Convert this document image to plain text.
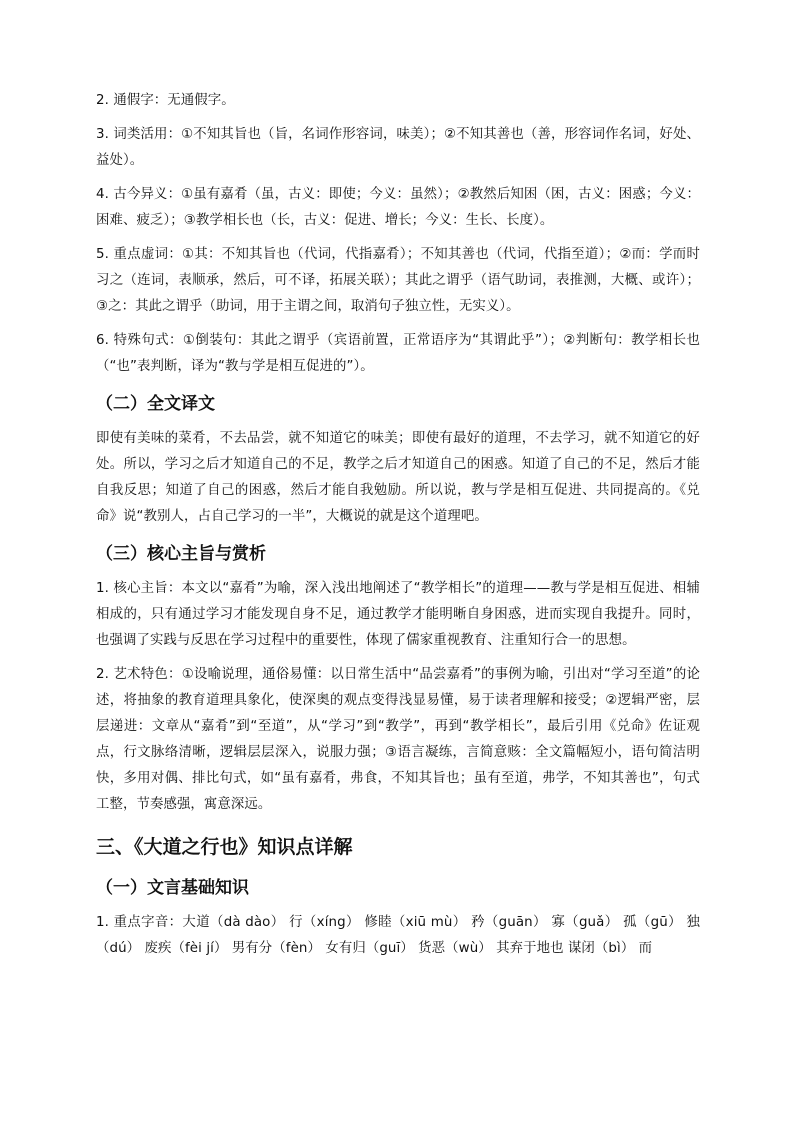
2. 通假字：无通假字。

3. 词类活用：①不知其旨也（旨，名词作形容词，味美）；②不知其善也（善，形容词作名词，好处、益处）。

4. 古今异义：①虽有嘉肴（虽，古义：即使；今义：虽然）；②教然后知困（困，古义：困惑；今义：困难、疲乏）；③教学相长也（长，古义：促进、增长；今义：生长、长度）。

5. 重点虚词：①其：不知其旨也（代词，代指嘉肴）；不知其善也（代词，代指至道）；②而：学而时习之（连词，表顺承，然后，可不译，拓展关联）；其此之谓乎（语气助词，表推测，大概、或许）；③之：其此之谓乎（助词，用于主谓之间，取消句子独立性，无实义）。

6. 特殊句式：①倒装句：其此之谓乎（宾语前置，正常语序为“其谓此乎”）；②判断句：教学相长也（“也”表判断，译为“教与学是相互促进的”）。

（二）全文译文

即使有美味的菜肴，不去品尝，就不知道它的味美；即使有最好的道理，不去学习，就不知道它的好处。所以，学习之后才知道自己的不足，教学之后才知道自己的困惑。知道了自己的不足，然后才能自我反思；知道了自己的困惑，然后才能自我勉励。所以说，教与学是相互促进、共同提高的。《兑命》说“教别人，占自己学习的一半”，大概说的就是这个道理吧。

（三）核心主旨与赏析

1. 核心主旨：本文以“嘉肴”为喻，深入浅出地阐述了“教学相长”的道理——教与学是相互促进、相辅相成的，只有通过学习才能发现自身不足，通过教学才能明晰自身困惑，进而实现自我提升。同时，也强调了实践与反思在学习过程中的重要性，体现了儒家重视教育、注重知行合一的思想。

2. 艺术特色：①设喻说理，通俗易懂：以日常生活中“品尝嘉肴”的事例为喻，引出对“学习至道”的论述，将抽象的教育道理具象化，使深奥的观点变得浅显易懂，易于读者理解和接受；②逻辑严密，层层递进：文章从“嘉肴”到“至道”，从“学习”到“教学”，再到“教学相长”，最后引用《兑命》佐证观点，行文脉络清晰，逻辑层层深入，说服力强；③语言凝练，言简意赅：全文篇幅短小，语句简洁明快，多用对偶、排比句式，如“虽有嘉肴，弗食，不知其旨也；虽有至道，弗学，不知其善也”，句式工整，节奏感强，寓意深远。

三、《大道之行也》知识点详解
（一）文言基础知识

1. 重点字音：大道（dà dào） 行（xíng） 修睦（xiū mù） 矜（guān） 寡（guǎ） 孤（gū） 独（dú） 废疾（fèi jí） 男有分（fèn） 女有归（guī） 货恶（wù） 其弃于地也 谋闭（bì） 而
